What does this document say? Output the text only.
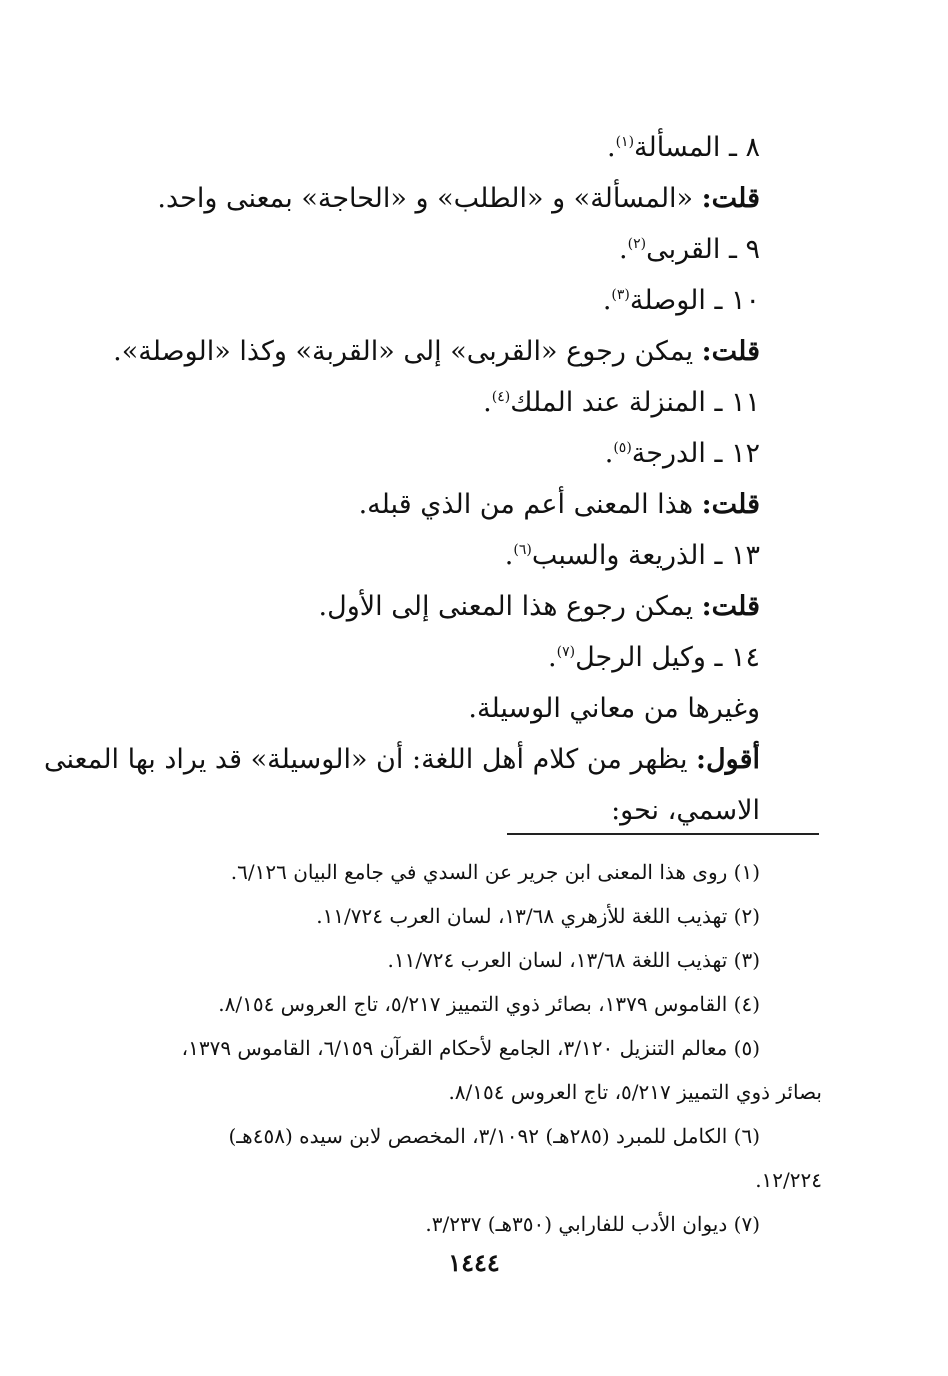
٨ ـ المسألة$^{(١)}$.
قلت: «المسألة» و «الطلب» و «الحاجة» بمعنى واحد.
٩ ـ القربى$^{(٢)}$.
١٠ ـ الوصلة$^{(٣)}$.
قلت: يمكن رجوع «القربى» إلى «القربة» وكذا «الوصلة».
١١ ـ المنزلة عند الملك$^{(٤)}$.
١٢ ـ الدرجة$^{(٥)}$.
قلت: هذا المعنى أعم من الذي قبله.
١٣ ـ الذريعة والسبب$^{(٦)}$.
قلت: يمكن رجوع هذا المعنى إلى الأول.
١٤ ـ وكيل الرجل$^{(٧)}$.
وغيرها من معاني الوسيلة.
أقول: يظهر من كلام أهل اللغة: أن «الوسيلة» قد يراد بها المعنى
الاسمي، نحو:
(١) روى هذا المعنى ابن جرير عن السدي في جامع البيان ٦/١٢٦.
(٢) تهذيب اللغة للأزهري ١٣/٦٨، لسان العرب ١١/٧٢٤.
(٣) تهذيب اللغة ١٣/٦٨، لسان العرب ١١/٧٢٤.
(٤) القاموس ١٣٧٩، بصائر ذوي التمييز ٥/٢١٧، تاج العروس ٨/١٥٤.
(٥) معالم التنزيل ٣/١٢٠، الجامع لأحكام القرآن ٦/١٥٩، القاموس ١٣٧٩،
بصائر ذوي التمييز ٥/٢١٧، تاج العروس ٨/١٥٤.
(٦) الكامل للمبرد (٢٨٥هـ) ٣/١٠٩٢، المخصص لابن سيده (٤٥٨هـ)
١٢/٢٢٤.
(٧) ديوان الأدب للفارابي (٣٥٠هـ) ٣/٢٣٧.
١٤٤٤
